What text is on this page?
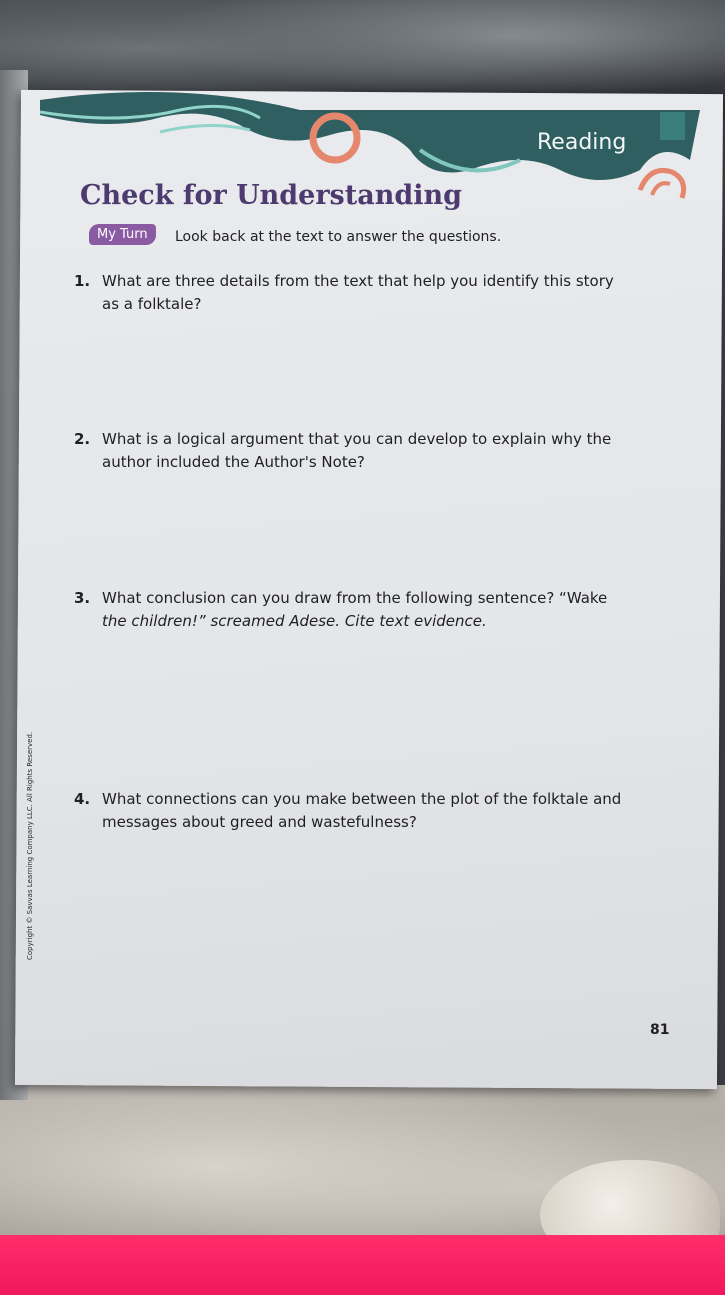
Reading
Check for Understanding
My Turn	Look back at the text to answer the questions.
1. What are three details from the text that help you identify this story
as a folktale?
2. What is a logical argument that you can develop to explain why the
author included the Author's Note?
3. What conclusion can you draw from the following sentence? “Wake
the children!” screamed Adese. Cite text evidence.
4. What connections can you make between the plot of the folktale and
messages about greed and wastefulness?
Copyright © Savvas Learning Company LLC. All Rights Reserved.
81
